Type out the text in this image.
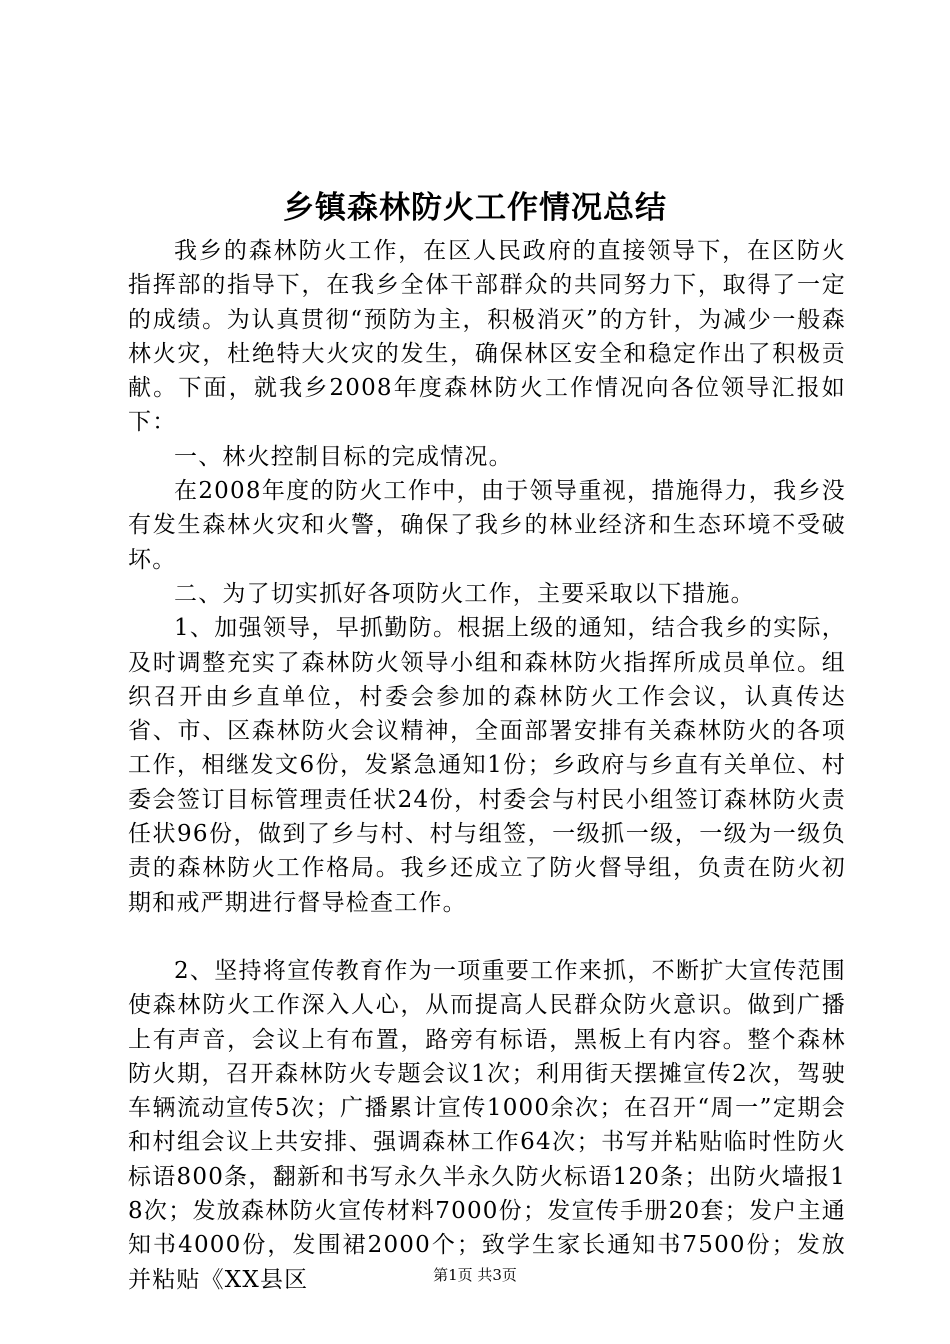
乡镇森林防火工作情况总结

我乡的森林防火工作，在区人民政府的直接领导下，在区防火指挥部的指导下，在我乡全体干部群众的共同努力下，取得了一定的成绩。为认真贯彻“预防为主，积极消灭”的方针，为减少一般森林火灾，杜绝特大火灾的发生，确保林区安全和稳定作出了积极贡献。下面，就我乡2008年度森林防火工作情况向各位领导汇报如下：

一、林火控制目标的完成情况。

在2008年度的防火工作中，由于领导重视，措施得力，我乡没有发生森林火灾和火警，确保了我乡的林业经济和生态环境不受破坏。

二、为了切实抓好各项防火工作，主要采取以下措施。

1、加强领导，早抓勤防。根据上级的通知，结合我乡的实际，及时调整充实了森林防火领导小组和森林防火指挥所成员单位。组织召开由乡直单位，村委会参加的森林防火工作会议，认真传达省、市、区森林防火会议精神，全面部署安排有关森林防火的各项工作，相继发文6份，发紧急通知1份；乡政府与乡直有关单位、村委会签订目标管理责任状24份，村委会与村民小组签订森林防火责任状96份，做到了乡与村、村与组签，一级抓一级，一级为一级负责的森林防火工作格局。我乡还成立了防火督导组，负责在防火初期和戒严期进行督导检查工作。

2、坚持将宣传教育作为一项重要工作来抓，不断扩大宣传范围使森林防火工作深入人心，从而提高人民群众防火意识。做到广播上有声音，会议上有布置，路旁有标语，黑板上有内容。整个森林防火期，召开森林防火专题会议1次；利用街天摆摊宣传2次，驾驶车辆流动宣传5次；广播累计宣传1000余次；在召开“周一”定期会和村组会议上共安排、强调森林工作64次；书写并粘贴临时性防火标语800条，翻新和书写永久半永久防火标语120条；出防火墙报18次；发放森林防火宣传材料7000份；发宣传手册20套；发户主通知书4000份，发围裙2000个；致学生家长通知书7500份；发放并粘贴《XX县区	第1页 共3页
